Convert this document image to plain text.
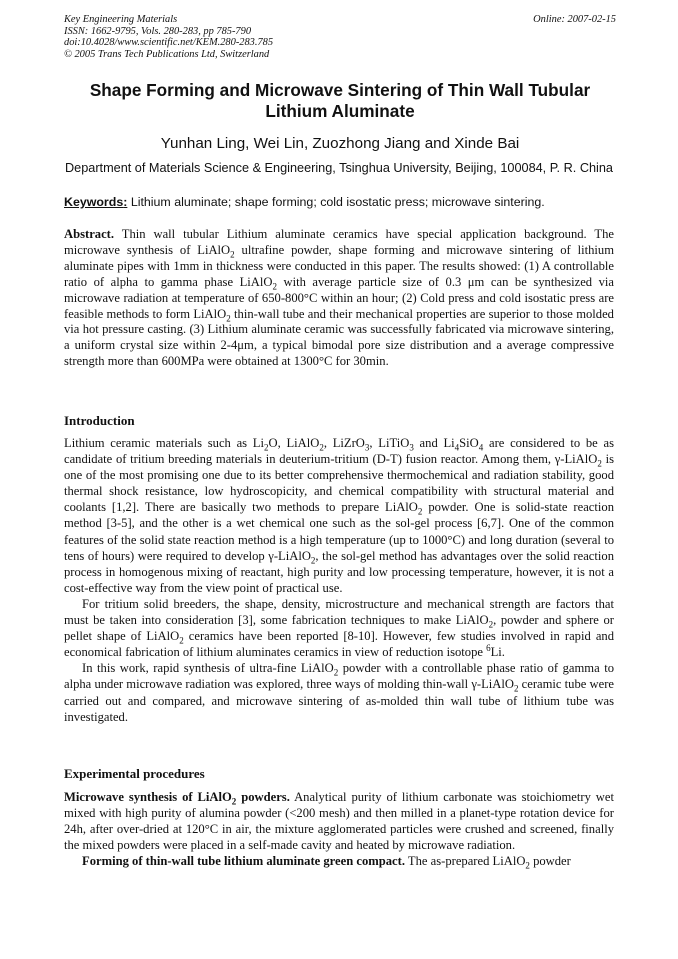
Key Engineering Materials	Online: 2007-02-15
ISSN: 1662-9795, Vols. 280-283, pp 785-790
doi:10.4028/www.scientific.net/KEM.280-283.785
© 2005 Trans Tech Publications Ltd, Switzerland
Shape Forming and Microwave Sintering of Thin Wall Tubular Lithium Aluminate
Yunhan Ling, Wei Lin, Zuozhong Jiang and Xinde Bai
Department of Materials Science & Engineering, Tsinghua University, Beijing, 100084, P. R. China
Keywords: Lithium aluminate; shape forming; cold isostatic press; microwave sintering.
Abstract. Thin wall tubular Lithium aluminate ceramics have special application background. The microwave synthesis of LiAlO$_2$ ultrafine powder, shape forming and microwave sintering of lithium aluminate pipes with 1mm in thickness were conducted in this paper. The results showed: (1) A controllable ratio of alpha to gamma phase LiAlO$_2$ with average particle size of 0.3 μm can be synthesized via microwave radiation at temperature of 650-800°C within an hour; (2) Cold press and cold isostatic press are feasible methods to form LiAlO$_2$ thin-wall tube and their mechanical properties are superior to those molded via hot pressure casting. (3) Lithium aluminate ceramic was successfully fabricated via microwave sintering, a uniform crystal size within 2-4μm, a typical bimodal pore size distribution and a average compressive strength more than 600MPa were obtained at 1300°C for 30min.
Introduction

Lithium ceramic materials such as $Li_2O$, LiAlO$_2$, LiZrO$_3$, LiTiO$_3$ and $Li_4SiO_4$ are considered to be as candidate of tritium breeding materials in deuterium-tritium (D-T) fusion reactor. Among them, γ-LiAlO$_2$ is one of the most promising one due to its better comprehensive thermochemical and radiation stability, good thermal shock resistance, low hydroscopicity, and chemical compatibility with structural material and coolants [1,2]. There are basically two methods to prepare LiAlO$_2$ powder. One is solid-state reaction method [3-5], and the other is a wet chemical one such as the sol-gel process [6,7]. One of the common features of the solid state reaction method is a high temperature (up to 1000°C) and long duration (several to tens of hours) were required to develop γ-LiAlO$_2$, the sol-gel method has advantages over the solid reaction process in homogenous mixing of reactant, high purity and low processing temperature, however, it is not a cost-effective way from the view point of practical use.

For tritium solid breeders, the shape, density, microstructure and mechanical strength are factors that must be taken into consideration [3], some fabrication techniques to make LiAlO$_2$, powder and sphere or pellet shape of LiAlO$_2$ ceramics have been reported [8-10]. However, few studies involved in rapid and economical fabrication of lithium aluminates ceramics in view of reduction isotope $^6$Li.

In this work, rapid synthesis of ultra-fine LiAlO$_2$ powder with a controllable phase ratio of gamma to alpha under microwave radiation was explored, three ways of molding thin-wall γ-LiAlO$_2$ ceramic tube were carried out and compared, and microwave sintering of as-molded thin wall tube of lithium tube was investigated.

Experimental procedures

Microwave synthesis of LiAlO$_2$ powders. Analytical purity of lithium carbonate was stoichiometry wet mixed with high purity of alumina powder (<200 mesh) and then milled in a planet-type rotation device for 24h, after over-dried at 120°C in air, the mixture agglomerated particles were crushed and screened, finally the mixed powders were placed in a self-made cavity and heated by microwave radiation.

Forming of thin-wall tube lithium aluminate green compact. The as-prepared LiAlO$_2$ powder
